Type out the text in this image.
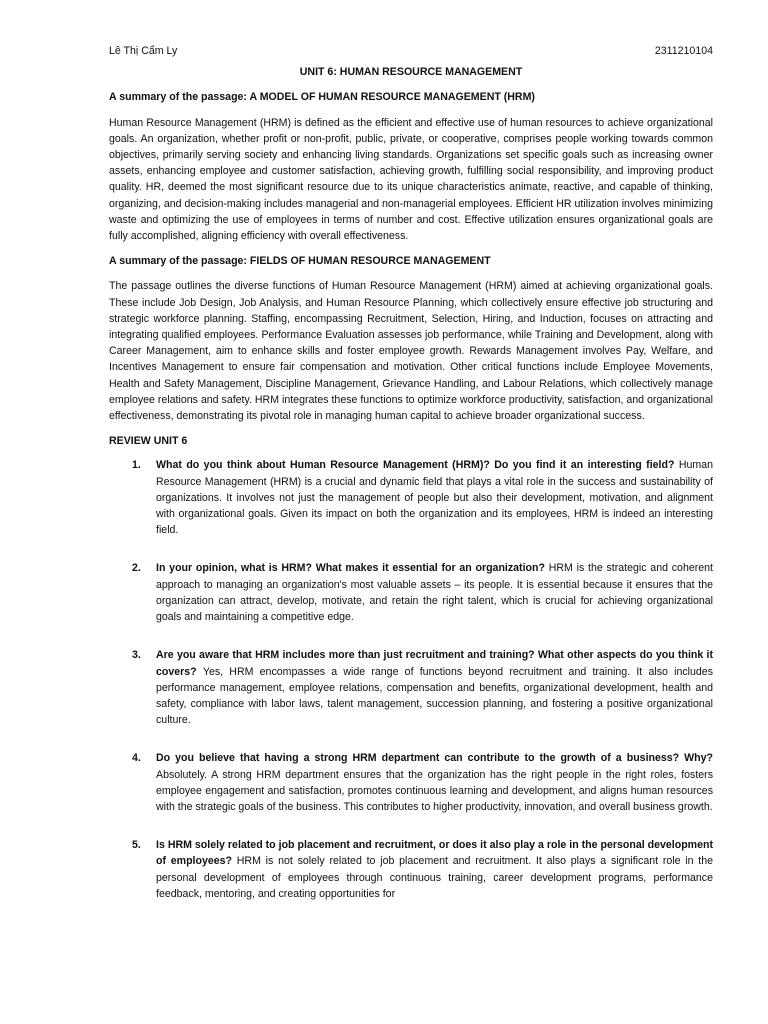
Lê Thị Cẩm Ly	2311210104
UNIT 6: HUMAN RESOURCE MANAGEMENT
A summary of the passage: A MODEL OF HUMAN RESOURCE MANAGEMENT (HRM)

Human Resource Management (HRM) is defined as the efficient and effective use of human resources to achieve organizational goals. An organization, whether profit or non-profit, public, private, or cooperative, comprises people working towards common objectives, primarily serving society and enhancing living standards. Organizations set specific goals such as increasing owner assets, enhancing employee and customer satisfaction, achieving growth, fulfilling social responsibility, and improving product quality. HR, deemed the most significant resource due to its unique characteristics animate, reactive, and capable of thinking, organizing, and decision-making includes managerial and non-managerial employees. Efficient HR utilization involves minimizing waste and optimizing the use of employees in terms of number and cost. Effective utilization ensures organizational goals are fully accomplished, aligning efficiency with overall effectiveness.

A summary of the passage: FIELDS OF HUMAN RESOURCE MANAGEMENT

The passage outlines the diverse functions of Human Resource Management (HRM) aimed at achieving organizational goals. These include Job Design, Job Analysis, and Human Resource Planning, which collectively ensure effective job structuring and strategic workforce planning. Staffing, encompassing Recruitment, Selection, Hiring, and Induction, focuses on attracting and integrating qualified employees. Performance Evaluation assesses job performance, while Training and Development, along with Career Management, aim to enhance skills and foster employee growth. Rewards Management involves Pay, Welfare, and Incentives Management to ensure fair compensation and motivation. Other critical functions include Employee Movements, Health and Safety Management, Discipline Management, Grievance Handling, and Labour Relations, which collectively manage employee relations and safety. HRM integrates these functions to optimize workforce productivity, satisfaction, and organizational effectiveness, demonstrating its pivotal role in managing human capital to achieve broader organizational success.

REVIEW UNIT 6
1. What do you think about Human Resource Management (HRM)? Do you find it an interesting field? Human Resource Management (HRM) is a crucial and dynamic field that plays a vital role in the success and sustainability of organizations. It involves not just the management of people but also their development, motivation, and alignment with organizational goals. Given its impact on both the organization and its employees, HRM is indeed an interesting field.
2. In your opinion, what is HRM? What makes it essential for an organization? HRM is the strategic and coherent approach to managing an organization's most valuable assets – its people. It is essential because it ensures that the organization can attract, develop, motivate, and retain the right talent, which is crucial for achieving organizational goals and maintaining a competitive edge.
3. Are you aware that HRM includes more than just recruitment and training? What other aspects do you think it covers? Yes, HRM encompasses a wide range of functions beyond recruitment and training. It also includes performance management, employee relations, compensation and benefits, organizational development, health and safety, compliance with labor laws, talent management, succession planning, and fostering a positive organizational culture.
4. Do you believe that having a strong HRM department can contribute to the growth of a business? Why? Absolutely. A strong HRM department ensures that the organization has the right people in the right roles, fosters employee engagement and satisfaction, promotes continuous learning and development, and aligns human resources with the strategic goals of the business. This contributes to higher productivity, innovation, and overall business growth.
5. Is HRM solely related to job placement and recruitment, or does it also play a role in the personal development of employees? HRM is not solely related to job placement and recruitment. It also plays a significant role in the personal development of employees through continuous training, career development programs, performance feedback, mentoring, and creating opportunities for
